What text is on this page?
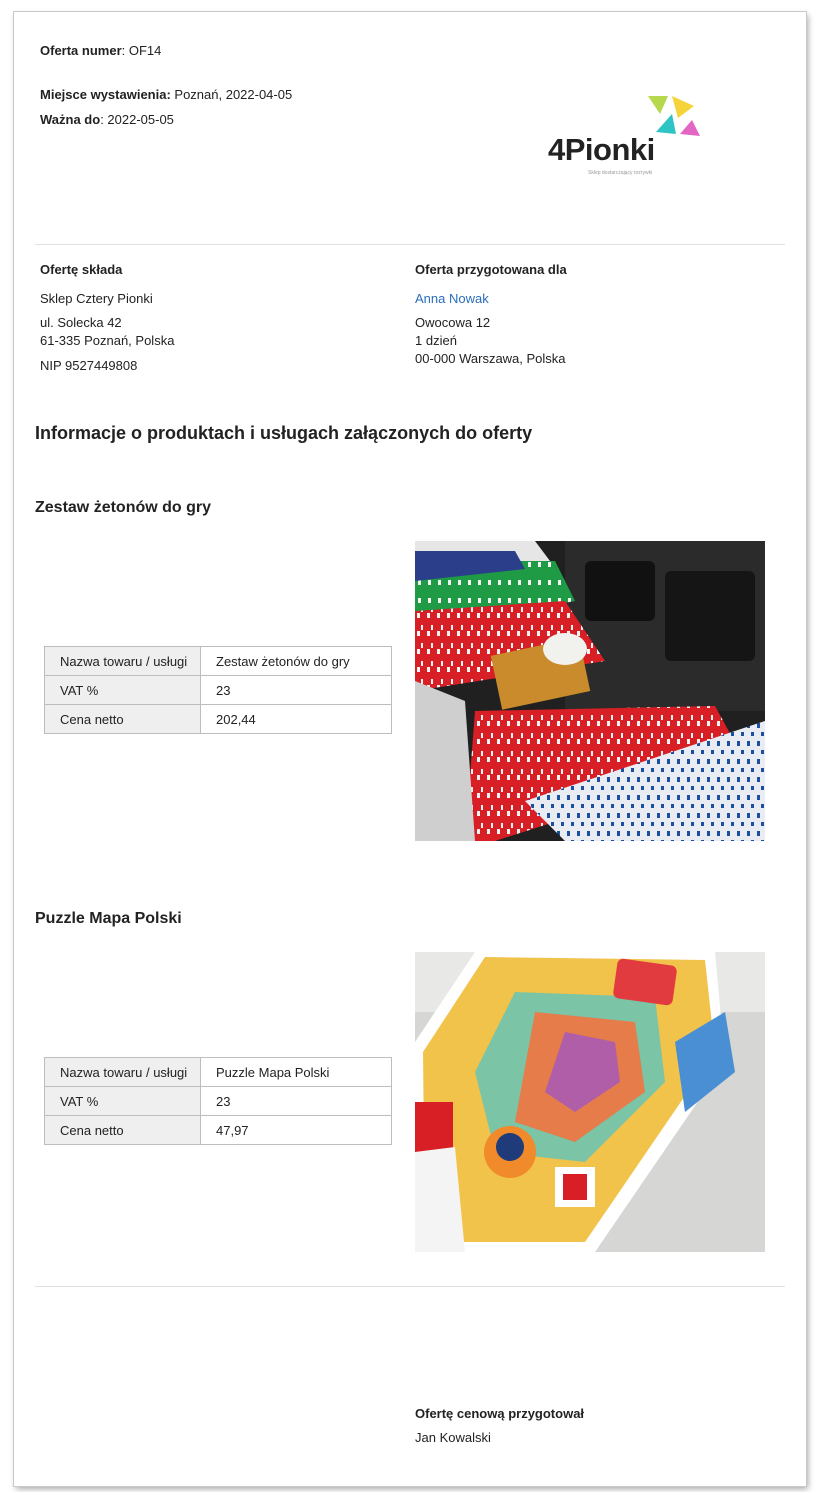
Oferta numer: OF14
Miejsce wystawienia: Poznań, 2022-04-05
Ważna do: 2022-05-05
4Pionki
Sklep dostarczający rozrywki
Ofertę składa
Sklep Cztery Pionki
ul. Solecka 42
61-335 Poznań, Polska
NIP 9527449808
Oferta przygotowana dla
Anna Nowak
Owocowa 12
1 dzień
00-000 Warszawa, Polska
Informacje o produktach i usługach załączonych do oferty
Zestaw żetonów do gry
Nazwa towaru / usługi	Zestaw żetonów do gry
VAT %	23
Cena netto	202,44
Puzzle Mapa Polski
Nazwa towaru / usługi	Puzzle Mapa Polski
VAT %	23
Cena netto	47,97
Ofertę cenową przygotował
Jan Kowalski
